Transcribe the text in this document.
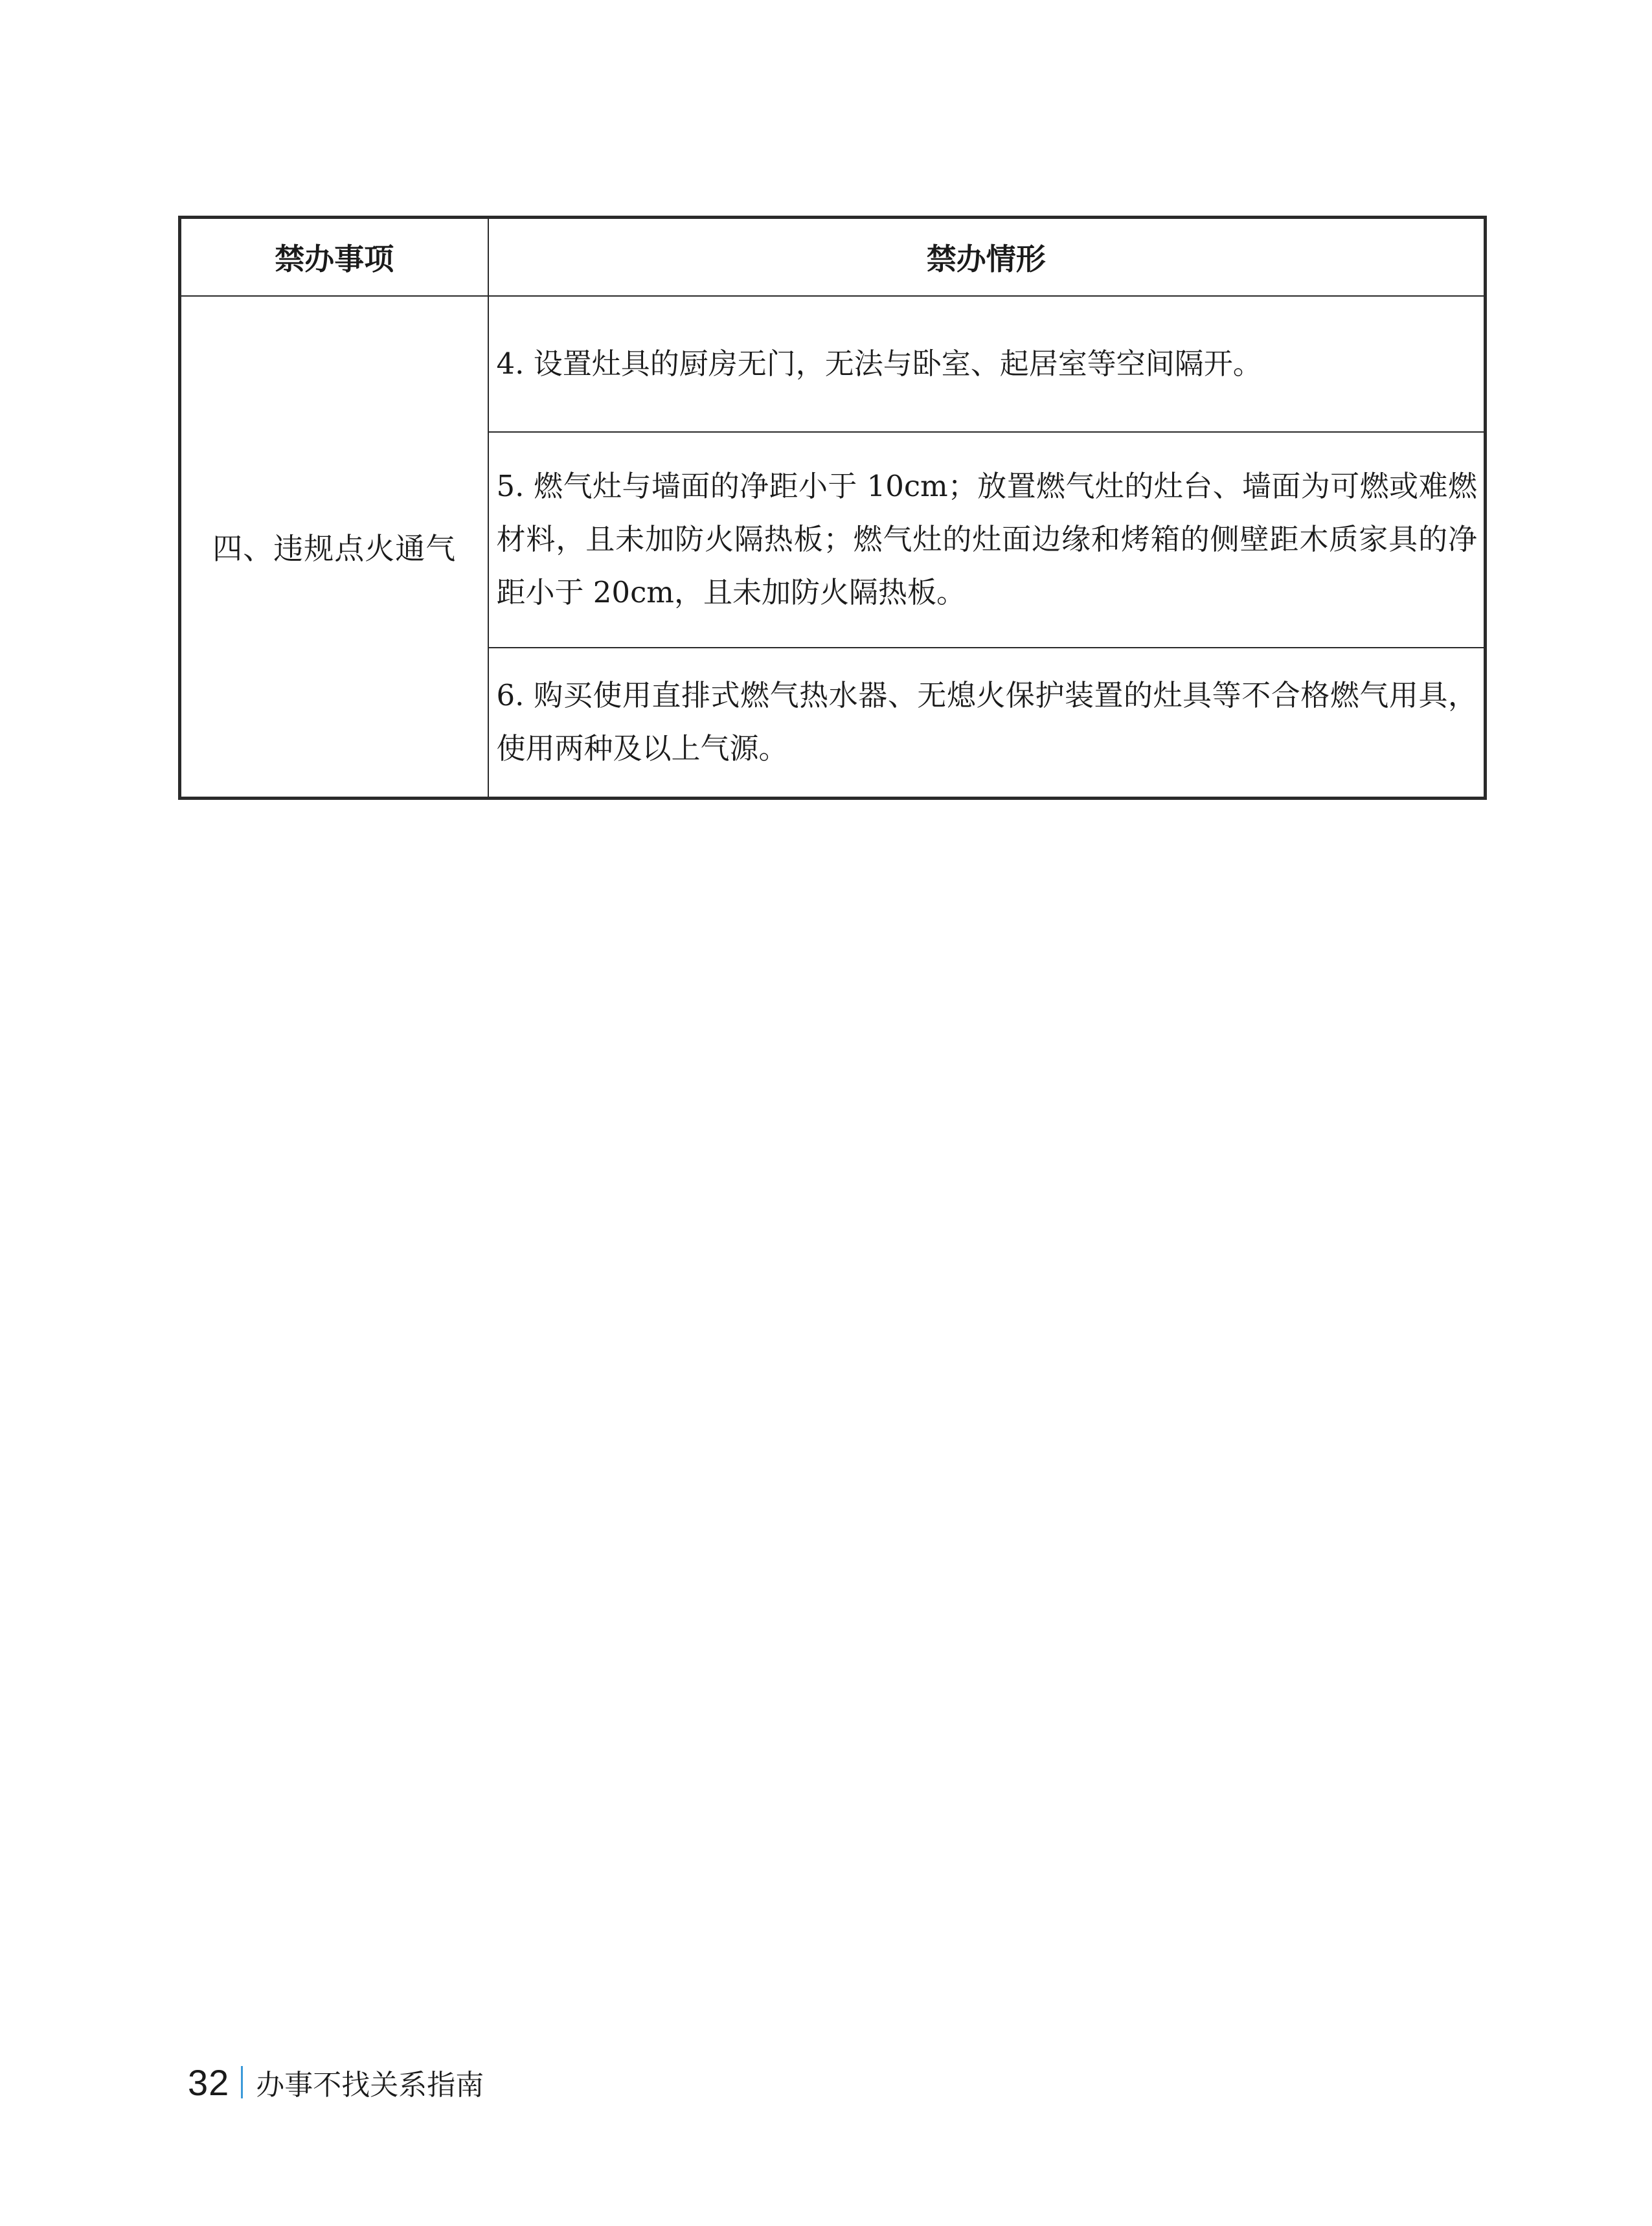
禁办事项	禁办情形
四、违规点火通气	4. 设置灶具的厨房无门，无法与卧室、起居室等空间隔开。
	5. 燃气灶与墙面的净距小于 10cm；放置燃气灶的灶台、墙面为可燃或难燃材料，且未加防火隔热板；燃气灶的灶面边缘和烤箱的侧壁距木质家具的净距小于 20cm，且未加防火隔热板。
	6. 购买使用直排式燃气热水器、无熄火保护装置的灶具等不合格燃气用具，使用两种及以上气源。
32 办事不找关系指南
